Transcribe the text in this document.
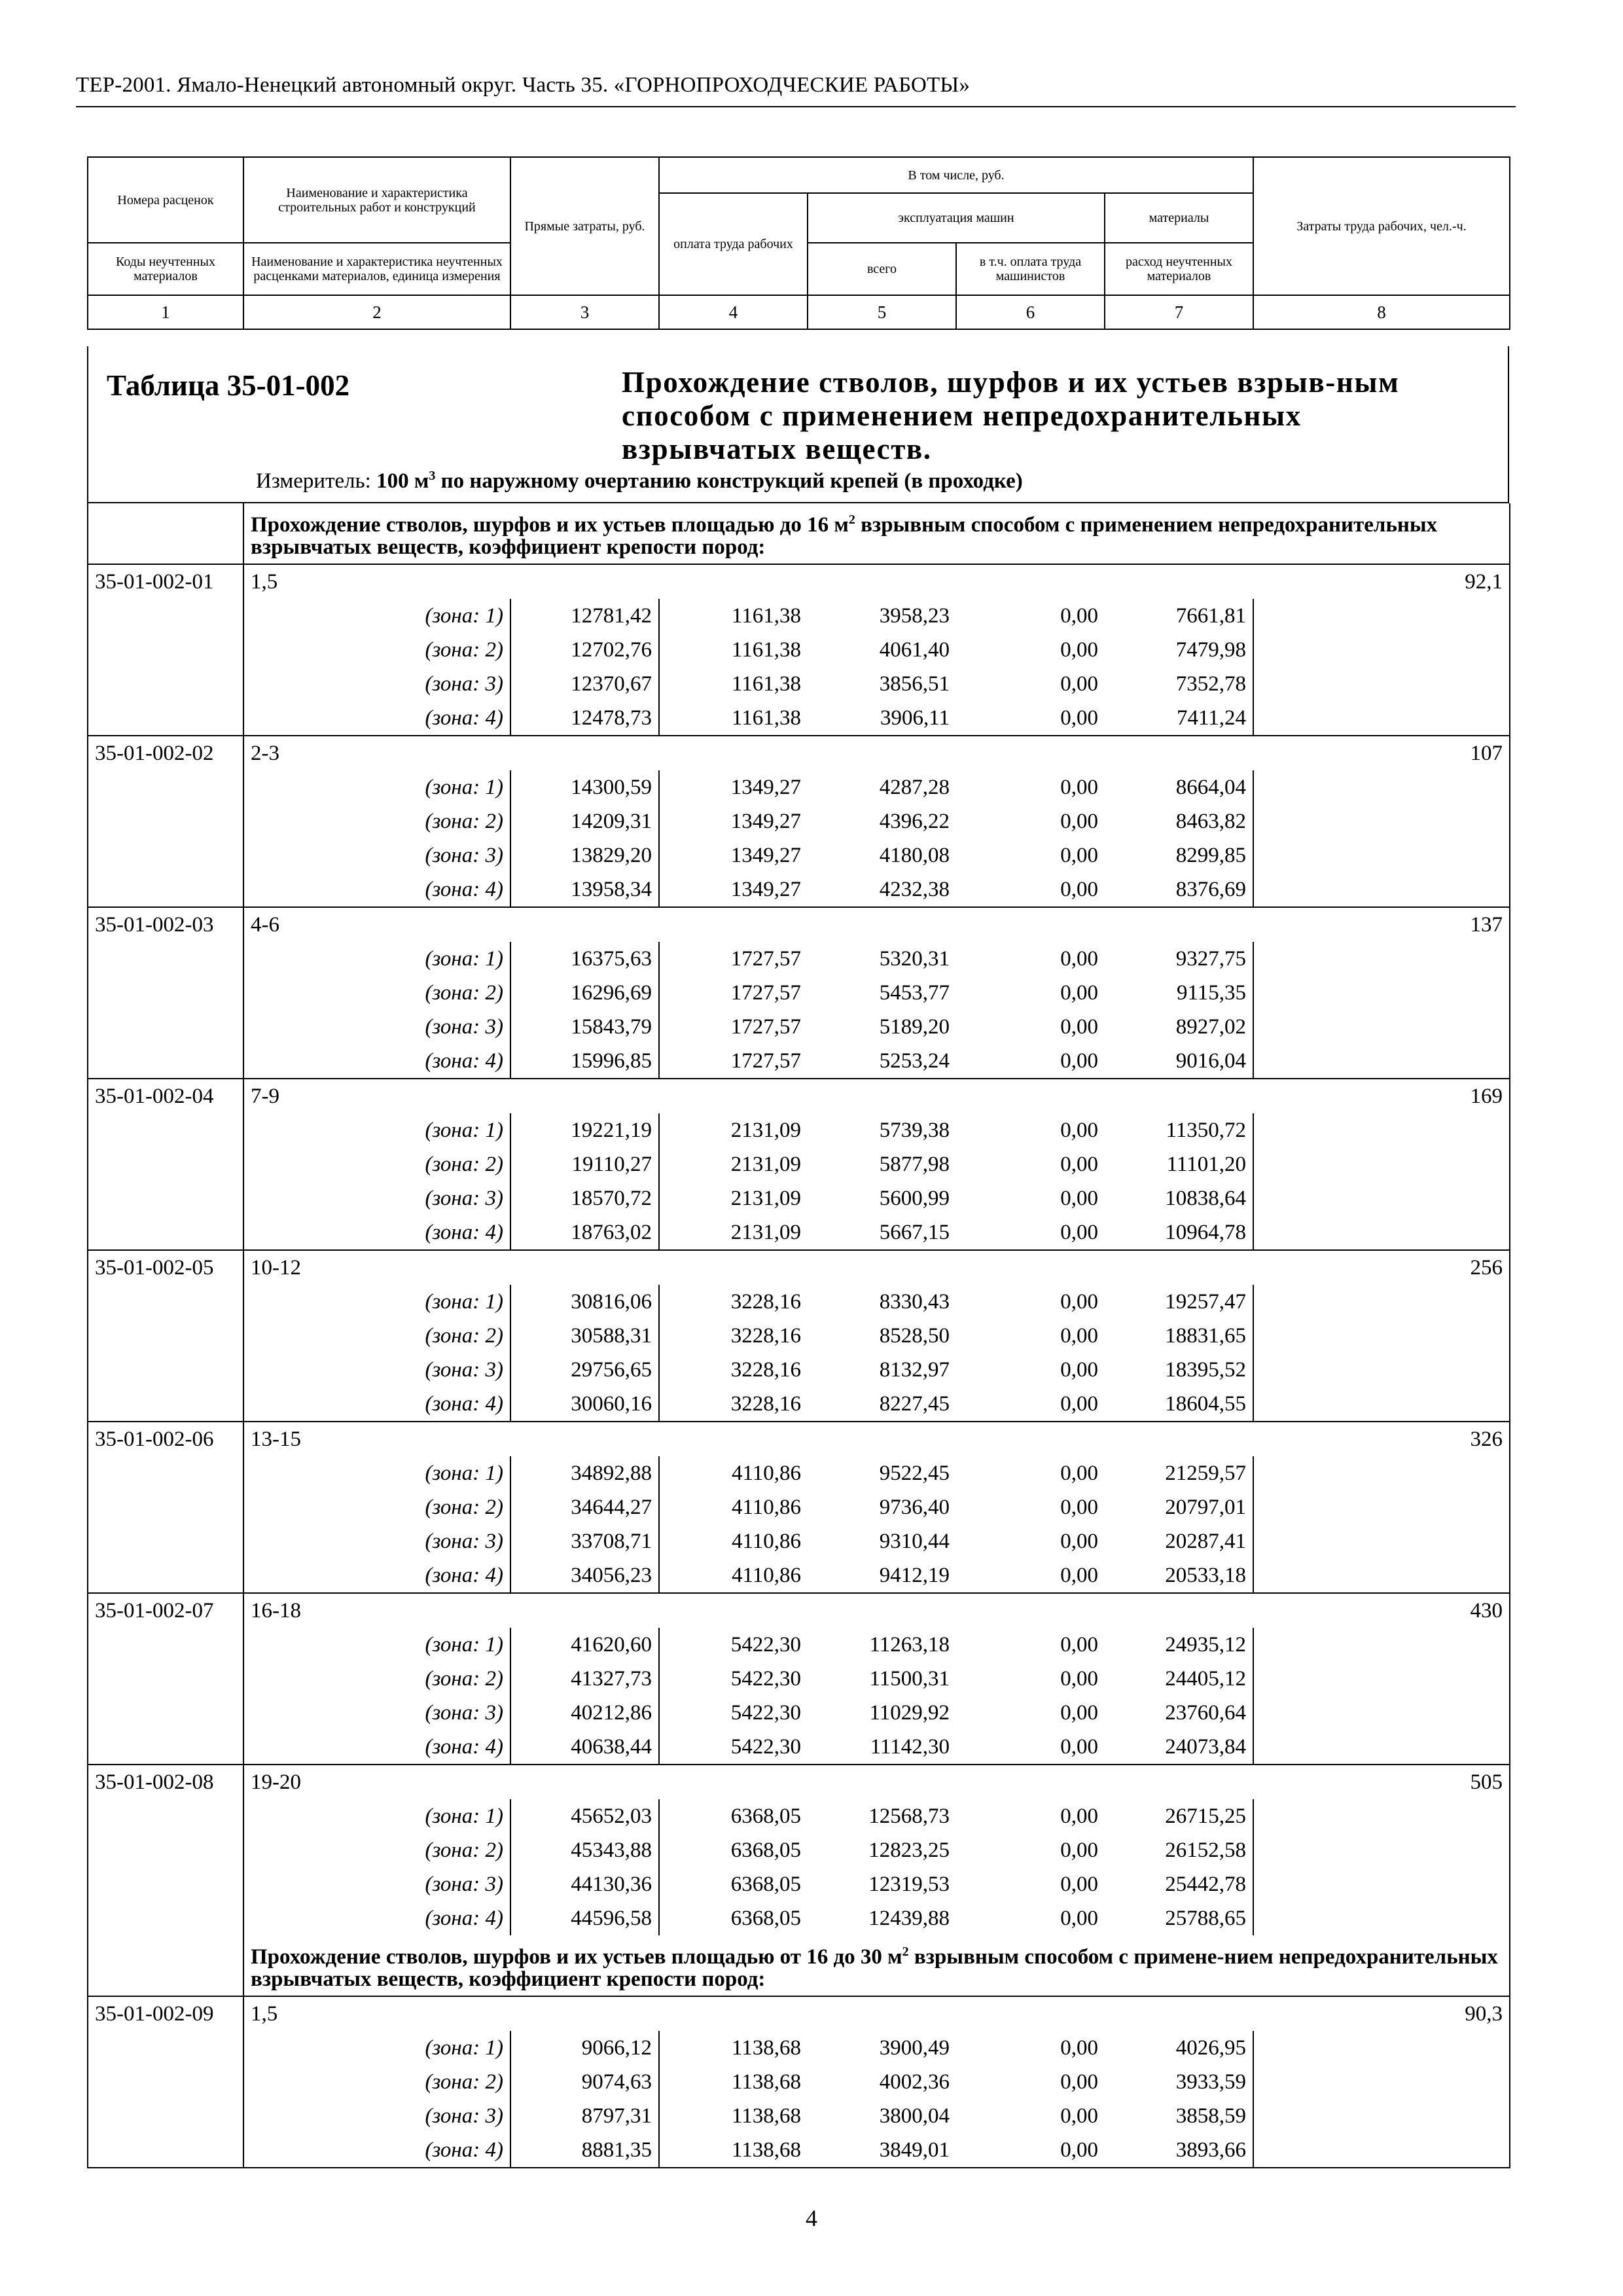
ТЕР-2001. Ямало-Ненецкий автономный округ. Часть 35. «ГОРНОПРОХОДЧЕСКИЕ РАБОТЫ»
Номера расценок	Наименование и характеристика строительных работ и конструкций	Прямые затраты, руб.	В том числе, руб.				Затраты труда рабочих, чел.-ч.
			оплата труда рабочих	эксплуатация машин		материалы	

Коды неучтенных материалов	Наименование и характеристика неучтенных расценками материалов, единица измерения			всего	в т.ч. оплата труда машинистов	расход неучтенных материалов	

1	2	3	4	5	6	7	8
Таблица 35-01-002	Прохождение стволов, шурфов и их устьев взрыв-ным способом с применением непредохранительных взрывчатых веществ.
Измеритель: 100 $м^3$ по наружному очертанию конструкций крепей (в проходке)
	Прохождение стволов, шурфов и их устьев площадью до 16 $м^2$ взрывным способом с применением непредохранительных взрывчатых веществ, коэффициент крепости пород:						
35-01-002-01	1,5						92,1
	(зона: 1)	12781,42	1161,38	3958,23	0,00	7661,81	
	(зона: 2)	12702,76	1161,38	4061,40	0,00	7479,98	
	(зона: 3)	12370,67	1161,38	3856,51	0,00	7352,78	
	(зона: 4)	12478,73	1161,38	3906,11	0,00	7411,24	
35-01-002-02	2-3						107
	(зона: 1)	14300,59	1349,27	4287,28	0,00	8664,04	
	(зона: 2)	14209,31	1349,27	4396,22	0,00	8463,82	
	(зона: 3)	13829,20	1349,27	4180,08	0,00	8299,85	
	(зона: 4)	13958,34	1349,27	4232,38	0,00	8376,69	
35-01-002-03	4-6						137
	(зона: 1)	16375,63	1727,57	5320,31	0,00	9327,75	
	(зона: 2)	16296,69	1727,57	5453,77	0,00	9115,35	
	(зона: 3)	15843,79	1727,57	5189,20	0,00	8927,02	
	(зона: 4)	15996,85	1727,57	5253,24	0,00	9016,04	
35-01-002-04	7-9						169
	(зона: 1)	19221,19	2131,09	5739,38	0,00	11350,72	
	(зона: 2)	19110,27	2131,09	5877,98	0,00	11101,20	
	(зона: 3)	18570,72	2131,09	5600,99	0,00	10838,64	
	(зона: 4)	18763,02	2131,09	5667,15	0,00	10964,78	
35-01-002-05	10-12						256
	(зона: 1)	30816,06	3228,16	8330,43	0,00	19257,47	
	(зона: 2)	30588,31	3228,16	8528,50	0,00	18831,65	
	(зона: 3)	29756,65	3228,16	8132,97	0,00	18395,52	
	(зона: 4)	30060,16	3228,16	8227,45	0,00	18604,55	
35-01-002-06	13-15						326
	(зона: 1)	34892,88	4110,86	9522,45	0,00	21259,57	
	(зона: 2)	34644,27	4110,86	9736,40	0,00	20797,01	
	(зона: 3)	33708,71	4110,86	9310,44	0,00	20287,41	
	(зона: 4)	34056,23	4110,86	9412,19	0,00	20533,18	
35-01-002-07	16-18						430
	(зона: 1)	41620,60	5422,30	11263,18	0,00	24935,12	
	(зона: 2)	41327,73	5422,30	11500,31	0,00	24405,12	
	(зона: 3)	40212,86	5422,30	11029,92	0,00	23760,64	
	(зона: 4)	40638,44	5422,30	11142,30	0,00	24073,84	
35-01-002-08	19-20						505
	(зона: 1)	45652,03	6368,05	12568,73	0,00	26715,25	
	(зона: 2)	45343,88	6368,05	12823,25	0,00	26152,58	
	(зона: 3)	44130,36	6368,05	12319,53	0,00	25442,78	
	(зона: 4)	44596,58	6368,05	12439,88	0,00	25788,65	
	Прохождение стволов, шурфов и их устьев площадью от 16 до 30 $м^2$ взрывным способом с примене-нием непредохранительных взрывчатых веществ, коэффициент крепости пород:						
35-01-002-09	1,5						90,3
	(зона: 1)	9066,12	1138,68	3900,49	0,00	4026,95	
	(зона: 2)	9074,63	1138,68	4002,36	0,00	3933,59	
	(зона: 3)	8797,31	1138,68	3800,04	0,00	3858,59	
	(зона: 4)	8881,35	1138,68	3849,01	0,00	3893,66	
4
